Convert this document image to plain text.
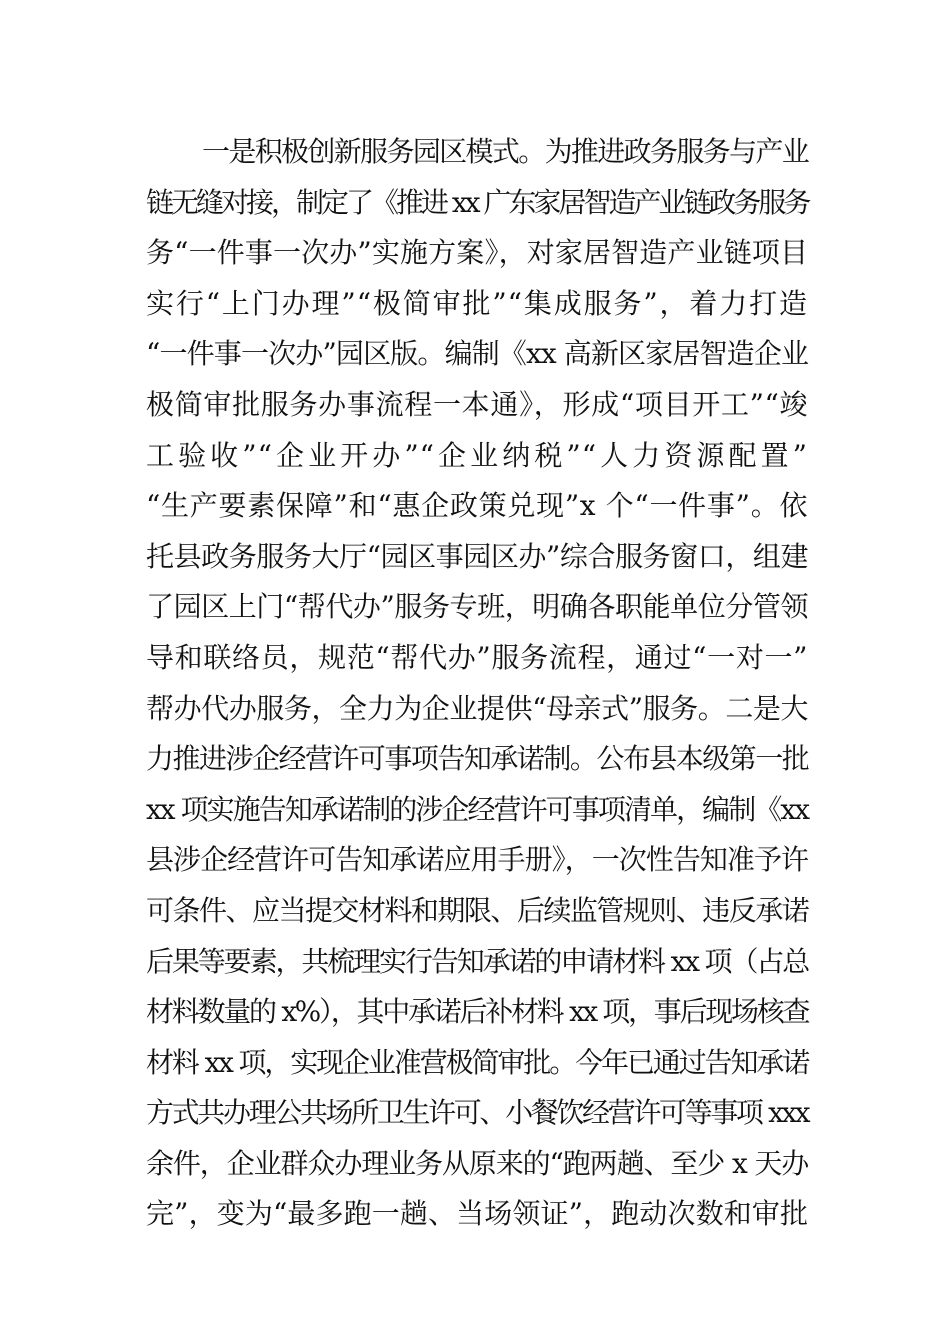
一是积极创新服务园区模式。为推进政务服务与产业
链无缝对接，制定了《推进 xx 广东家居智造产业链政务服务
务“一件事一次办”实施方案》，对家居智造产业链项目
实行“上门办理”“极简审批”“集成服务”，着力打造
“一件事一次办”园区版。编制《xx 高新区家居智造企业
极简审批服务办事流程一本通》，形成“项目开工”“竣
工验收”“企业开办”“企业纳税”“人力资源配置”
“生产要素保障”和“惠企政策兑现”x 个“一件事”。依
托县政务服务大厅“园区事园区办”综合服务窗口，组建
了园区上门“帮代办”服务专班，明确各职能单位分管领
导和联络员，规范“帮代办”服务流程，通过“一对一”
帮办代办服务，全力为企业提供“母亲式”服务。二是大
力推进涉企经营许可事项告知承诺制。公布县本级第一批
xx 项实施告知承诺制的涉企经营许可事项清单，编制《xx
县涉企经营许可告知承诺应用手册》，一次性告知准予许
可条件、应当提交材料和期限、后续监管规则、违反承诺
后果等要素，共梳理实行告知承诺的申请材料 xx 项（占总
材料数量的 x%），其中承诺后补材料 xx 项，事后现场核查
材料 xx 项，实现企业准营极简审批。今年已通过告知承诺
方式共办理公共场所卫生许可、小餐饮经营许可等事项 xxx
余件，企业群众办理业务从原来的“跑两趟、至少 x 天办
完”，变为“最多跑一趟、当场领证”，跑动次数和审批
